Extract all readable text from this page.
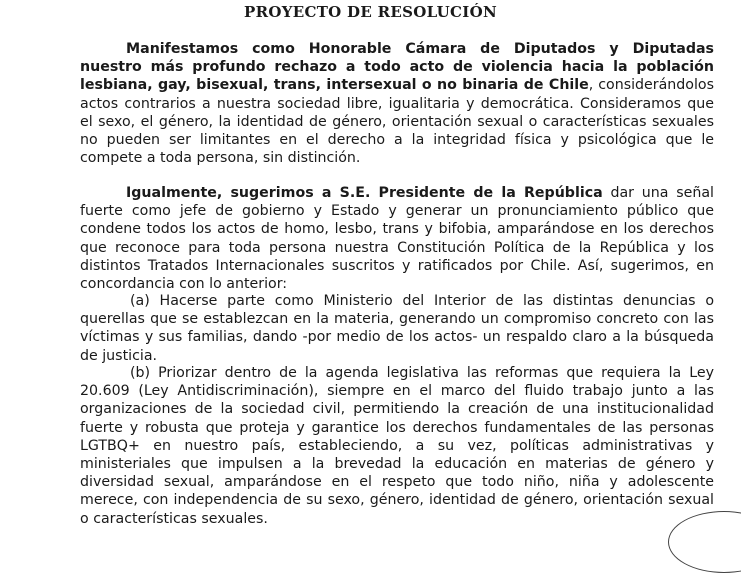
PROYECTO DE RESOLUCIÓN

Manifestamos como Honorable Cámara de Diputados y Diputadas nuestro más profundo rechazo a todo acto de violencia hacia la población lesbiana, gay, bisexual, trans, intersexual o no binaria de Chile, considerándolos actos contrarios a nuestra sociedad libre, igualitaria y democrática. Consideramos que el sexo, el género, la identidad de género, orientación sexual o características sexuales no pueden ser limitantes en el derecho a la integridad física y psicológica que le compete a toda persona, sin distinción.

Igualmente, sugerimos a S.E. Presidente de la República dar una señal fuerte como jefe de gobierno y Estado y generar un pronunciamiento público que condene todos los actos de homo, lesbo, trans y bifobia, amparándose en los derechos que reconoce para toda persona nuestra Constitución Política de la República y los distintos Tratados Internacionales suscritos y ratificados por Chile. Así, sugerimos, en concordancia con lo anterior:

(a) Hacerse parte como Ministerio del Interior de las distintas denuncias o querellas que se establezcan en la materia, generando un compromiso concreto con las víctimas y sus familias, dando -por medio de los actos- un respaldo claro a la búsqueda de justicia.

(b) Priorizar dentro de la agenda legislativa las reformas que requiera la Ley 20.609 (Ley Antidiscriminación), siempre en el marco del fluido trabajo junto a las organizaciones de la sociedad civil, permitiendo la creación de una institucionalidad fuerte y robusta que proteja y garantice los derechos fundamentales de las personas LGTBQ+ en nuestro país, estableciendo, a su vez, políticas administrativas y ministeriales que impulsen a la brevedad la educación en materias de género y diversidad sexual, amparándose en el respeto que todo niño, niña y adolescente merece, con independencia de su sexo, género, identidad de género, orientación sexual o características sexuales.
